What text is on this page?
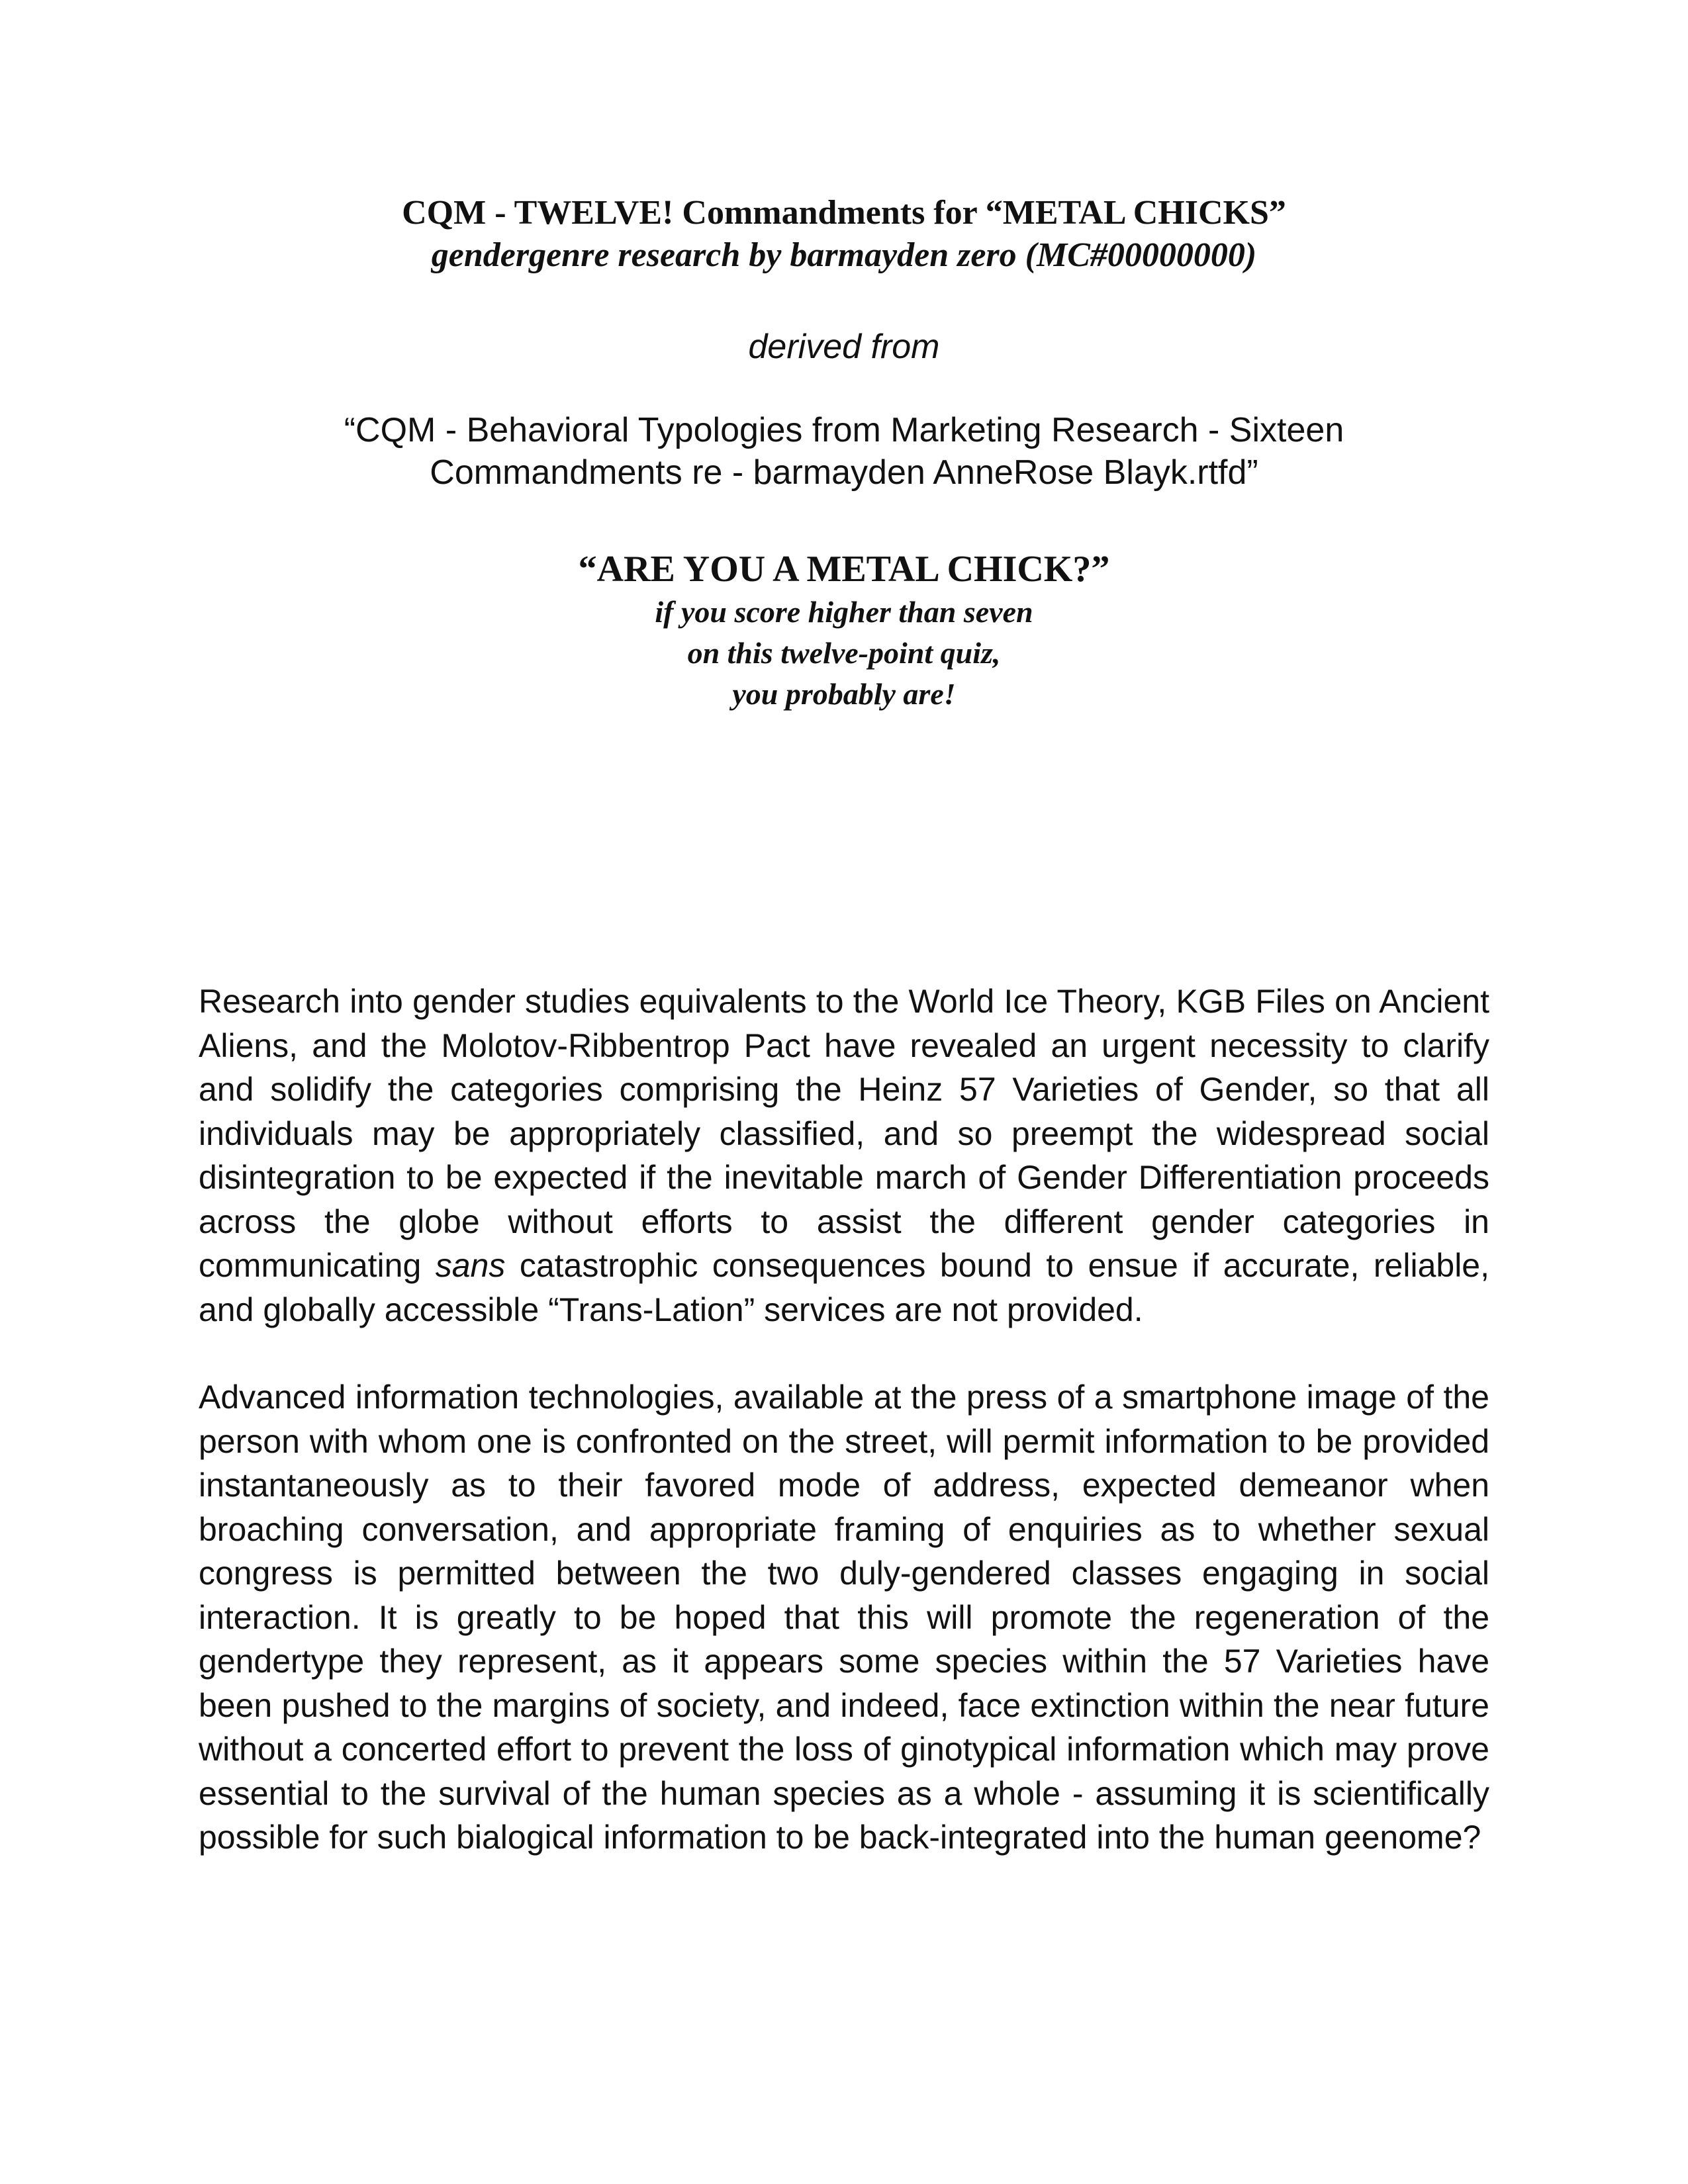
CQM - TWELVE! Commandments for “METAL CHICKS”

gendergenre research by barmayden zero (MC#00000000)

derived from

“CQM - Behavioral Typologies from Marketing Research - Sixteen
Commandments re - barmayden AnneRose Blayk.rtfd”

“ARE YOU A METAL CHICK?”

if you score higher than seven
on this twelve-point quiz,
you probably are!

Research into gender studies equivalents to the World Ice Theory, KGB Files on Ancient Aliens, and the Molotov-Ribbentrop Pact have revealed an urgent necessity to clarify and solidify the categories comprising the Heinz 57 Varieties of Gender, so that all individuals may be appropriately classified, and so preempt the widespread social disintegration to be expected if the inevitable march of Gender Differentiation proceeds across the globe without efforts to assist the different gender categories in communicating sans catastrophic consequences bound to ensue if accurate, reliable, and globally accessible “Trans-Lation” services are not provided.

Advanced information technologies, available at the press of a smartphone image of the person with whom one is confronted on the street, will permit information to be provided instantaneously as to their favored mode of address, expected demeanor when broaching conversation, and appropriate framing of enquiries as to whether sexual congress is permitted between the two duly-gendered classes engaging in social interaction. It is greatly to be hoped that this will promote the regeneration of the gendertype they represent, as it appears some species within the 57 Varieties have been pushed to the margins of society, and indeed, face extinction within the near future without a concerted effort to prevent the loss of ginotypical information which may prove essential to the survival of the human species as a whole - assuming it is scientifically possible for such bialogical information to be back-integrated into the human geenome?
